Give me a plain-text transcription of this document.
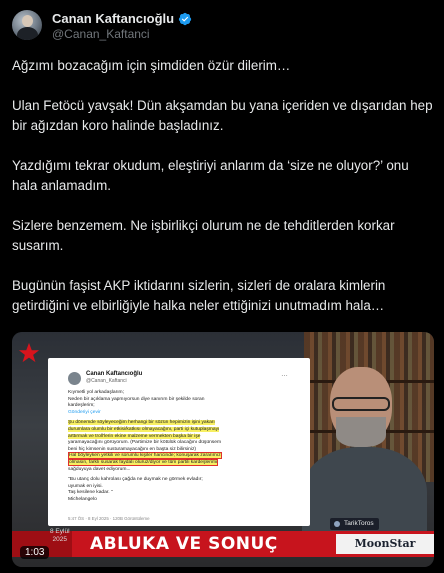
Canan Kaftancıoğlu
@Canan_Kaftanci

Ağzımı bozacağım için şimdiden özür dilerim…

Ulan Fetöcü yavşak! Dün akşamdan bu yana içeriden ve dışarıdan hep bir ağızdan koro halinde başladınız.

Yazdığımı tekrar okudum, eleştiriyi anlarım da ‘size ne oluyor?’ onu hala anlamadım.

Sizlere benzemem. Ne işbirlikçi olurum ne de tehditlerden korkar susarım.

Bugünün faşist AKP iktidarını sizlerin, sizleri de oralara kimlerin getirdiğini ve elbirliğiyle halka neler ettiğinizi unutmadım hala…

Canan Kaftancıoğlu
@Canan_Kaftanci
…
Kıymetli yol arkadaşlarım;
Neden bir açıklama yapmıyorsun diye sanırım bir şekilde soran
kardeşlerim;
Gönderiyi çevir
Şu dönemde söyleyeceğim herhangi bir sözün hepimizin işini yakarı
durumlara olumlu bir etkisi/katkısı olmayacağını, parti içi kutuplaşmayı
arttırmak ve troll'lerin ekine malzeme vermekten başka bir işe
yaramayacağını görüyorum. (Partimize bir kötülük olacağını düşünsem
beni hiç kimsenin susturamayacağını en başta siz bilirsiniz)
Hal böyleyken yetkili ve sorumlu kişiler haricinde; konuşarak zararımız
olmasın, farklı susarak faydalı oluruz/diyor ve tüm partili kardeşlerimi
sağduyuya davet ediyorum...
"Bu utanç dolu kahrolası çağda ne duymak ne görmek evladır;
uyumak en iyisi.
Taş kesilene kadar. "
Michelangelo
5:47 ÖS · 8 Eyl 2025 · 120B Görüntüleme
TarikToros
ABLUKA VE SONUÇ	MoonStar
8 Eylül
2025
1:03
